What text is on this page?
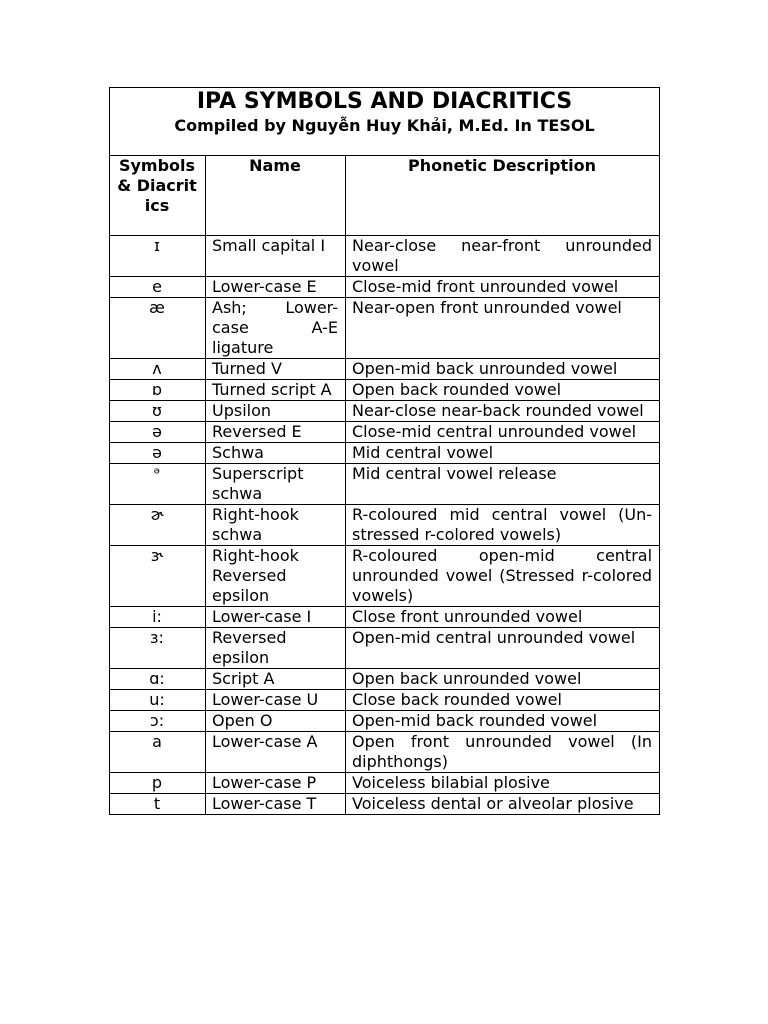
IPA SYMBOLS AND DIACRITICS
Compiled by Nguyễn Huy Khải, M.Ed. In TESOL		

Symbols & Diacritics	Name	Phonetic Description
ɪ	Small capital I	Near-close near-front unrounded vowel
e	Lower-case E	Close-mid front unrounded vowel
æ	Ash; Lower-case A-E ligature	Near-open front unrounded vowel
ʌ	Turned V	Open-mid back unrounded vowel
ɒ	Turned script A	Open back rounded vowel
ʊ	Upsilon	Near-close near-back rounded vowel
ə	Reversed E	Close-mid central unrounded vowel
ə	Schwa	Mid central vowel
ᵊ	Superscript schwa	Mid central vowel release
ɚ	Right-hook schwa	R-coloured mid central vowel (Un-stressed r-colored vowels)
ɝ	Right-hook Reversed epsilon	R-coloured open-mid central unrounded vowel (Stressed r-colored vowels)
i:	Lower-case I	Close front unrounded vowel
ɜ:	Reversed epsilon	Open-mid central unrounded vowel
ɑ:	Script A	Open back unrounded vowel
u:	Lower-case U	Close back rounded vowel
ɔ:	Open O	Open-mid back rounded vowel
a	Lower-case A	Open front unrounded vowel (In diphthongs)
p	Lower-case P	Voiceless bilabial plosive
t	Lower-case T	Voiceless dental or alveolar plosive
